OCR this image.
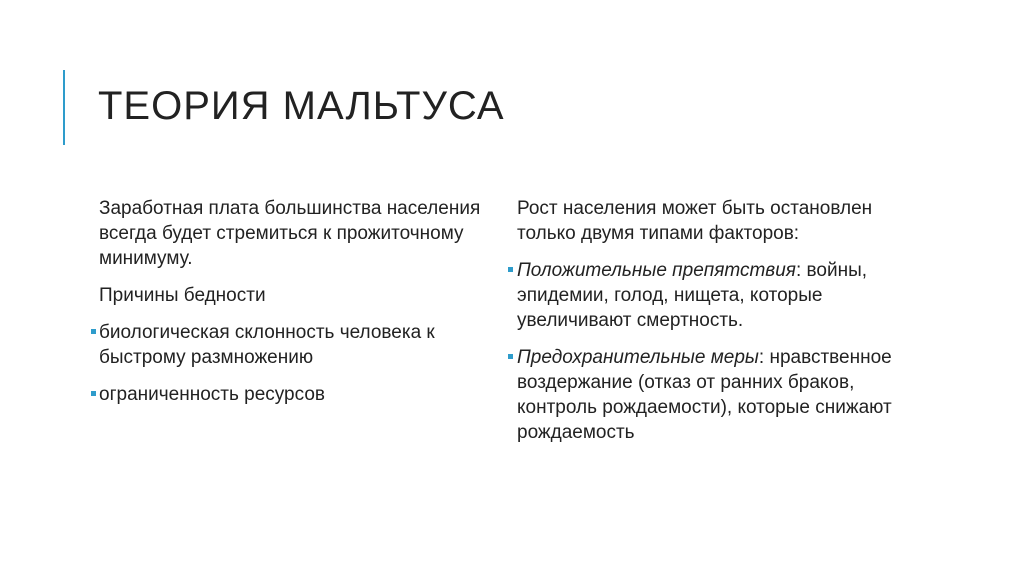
ТЕОРИЯ МАЛЬТУСА

Заработная плата большинства населения всегда будет стремиться к прожиточному минимуму.

Причины бедности

биологическая склонность человека к быстрому размножению
ограниченность ресурсов

Рост населения может быть остановлен только двумя типами факторов:

Положительные препятствия: войны, эпидемии, голод, нищета, которые увеличивают смертность.
Предохранительные меры: нравственное воздержание (отказ от ранних браков, контроль рождаемости), которые снижают рождаемость
